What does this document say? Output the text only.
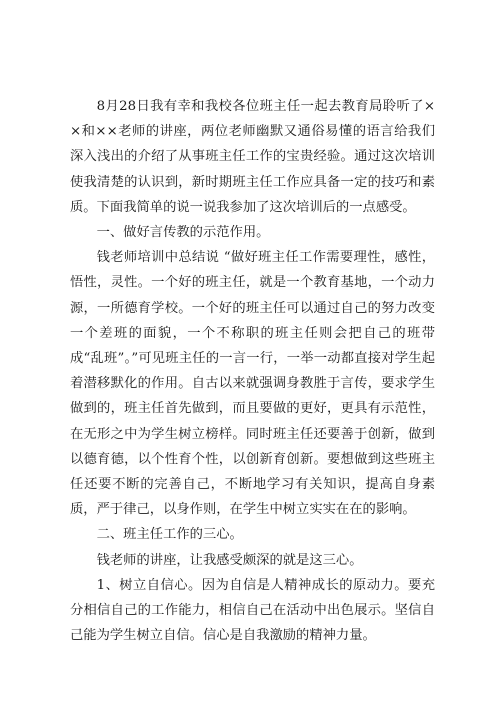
8月28日我有幸和我校各位班主任一起去教育局聆听了××和××老师的讲座，两位老师幽默又通俗易懂的语言给我们深入浅出的介绍了从事班主任工作的宝贵经验。通过这次培训使我清楚的认识到，新时期班主任工作应具备一定的技巧和素质。下面我简单的说一说我参加了这次培训后的一点感受。

一、做好言传教的示范作用。

钱老师培训中总结说 “做好班主任工作需要理性，感性，悟性，灵性。一个好的班主任，就是一个教育基地，一个动力源，一所德育学校。一个好的班主任可以通过自己的努力改变一个差班的面貌，一个不称职的班主任则会把自己的班带成“乱班”。”可见班主任的一言一行，一举一动都直接对学生起着潜移默化的作用。自古以来就强调身教胜于言传，要求学生做到的，班主任首先做到，而且要做的更好，更具有示范性，在无形之中为学生树立榜样。同时班主任还要善于创新，做到以德育德，以个性育个性，以创新育创新。要想做到这些班主任还要不断的完善自己，不断地学习有关知识，提高自身素质，严于律己，以身作则，在学生中树立实实在在的影响。

二、班主任工作的三心。

钱老师的讲座，让我感受颇深的就是这三心。

1、树立自信心。因为自信是人精神成长的原动力。要充分相信自己的工作能力，相信自己在活动中出色展示。坚信自己能为学生树立自信。信心是自我激励的精神力量。
